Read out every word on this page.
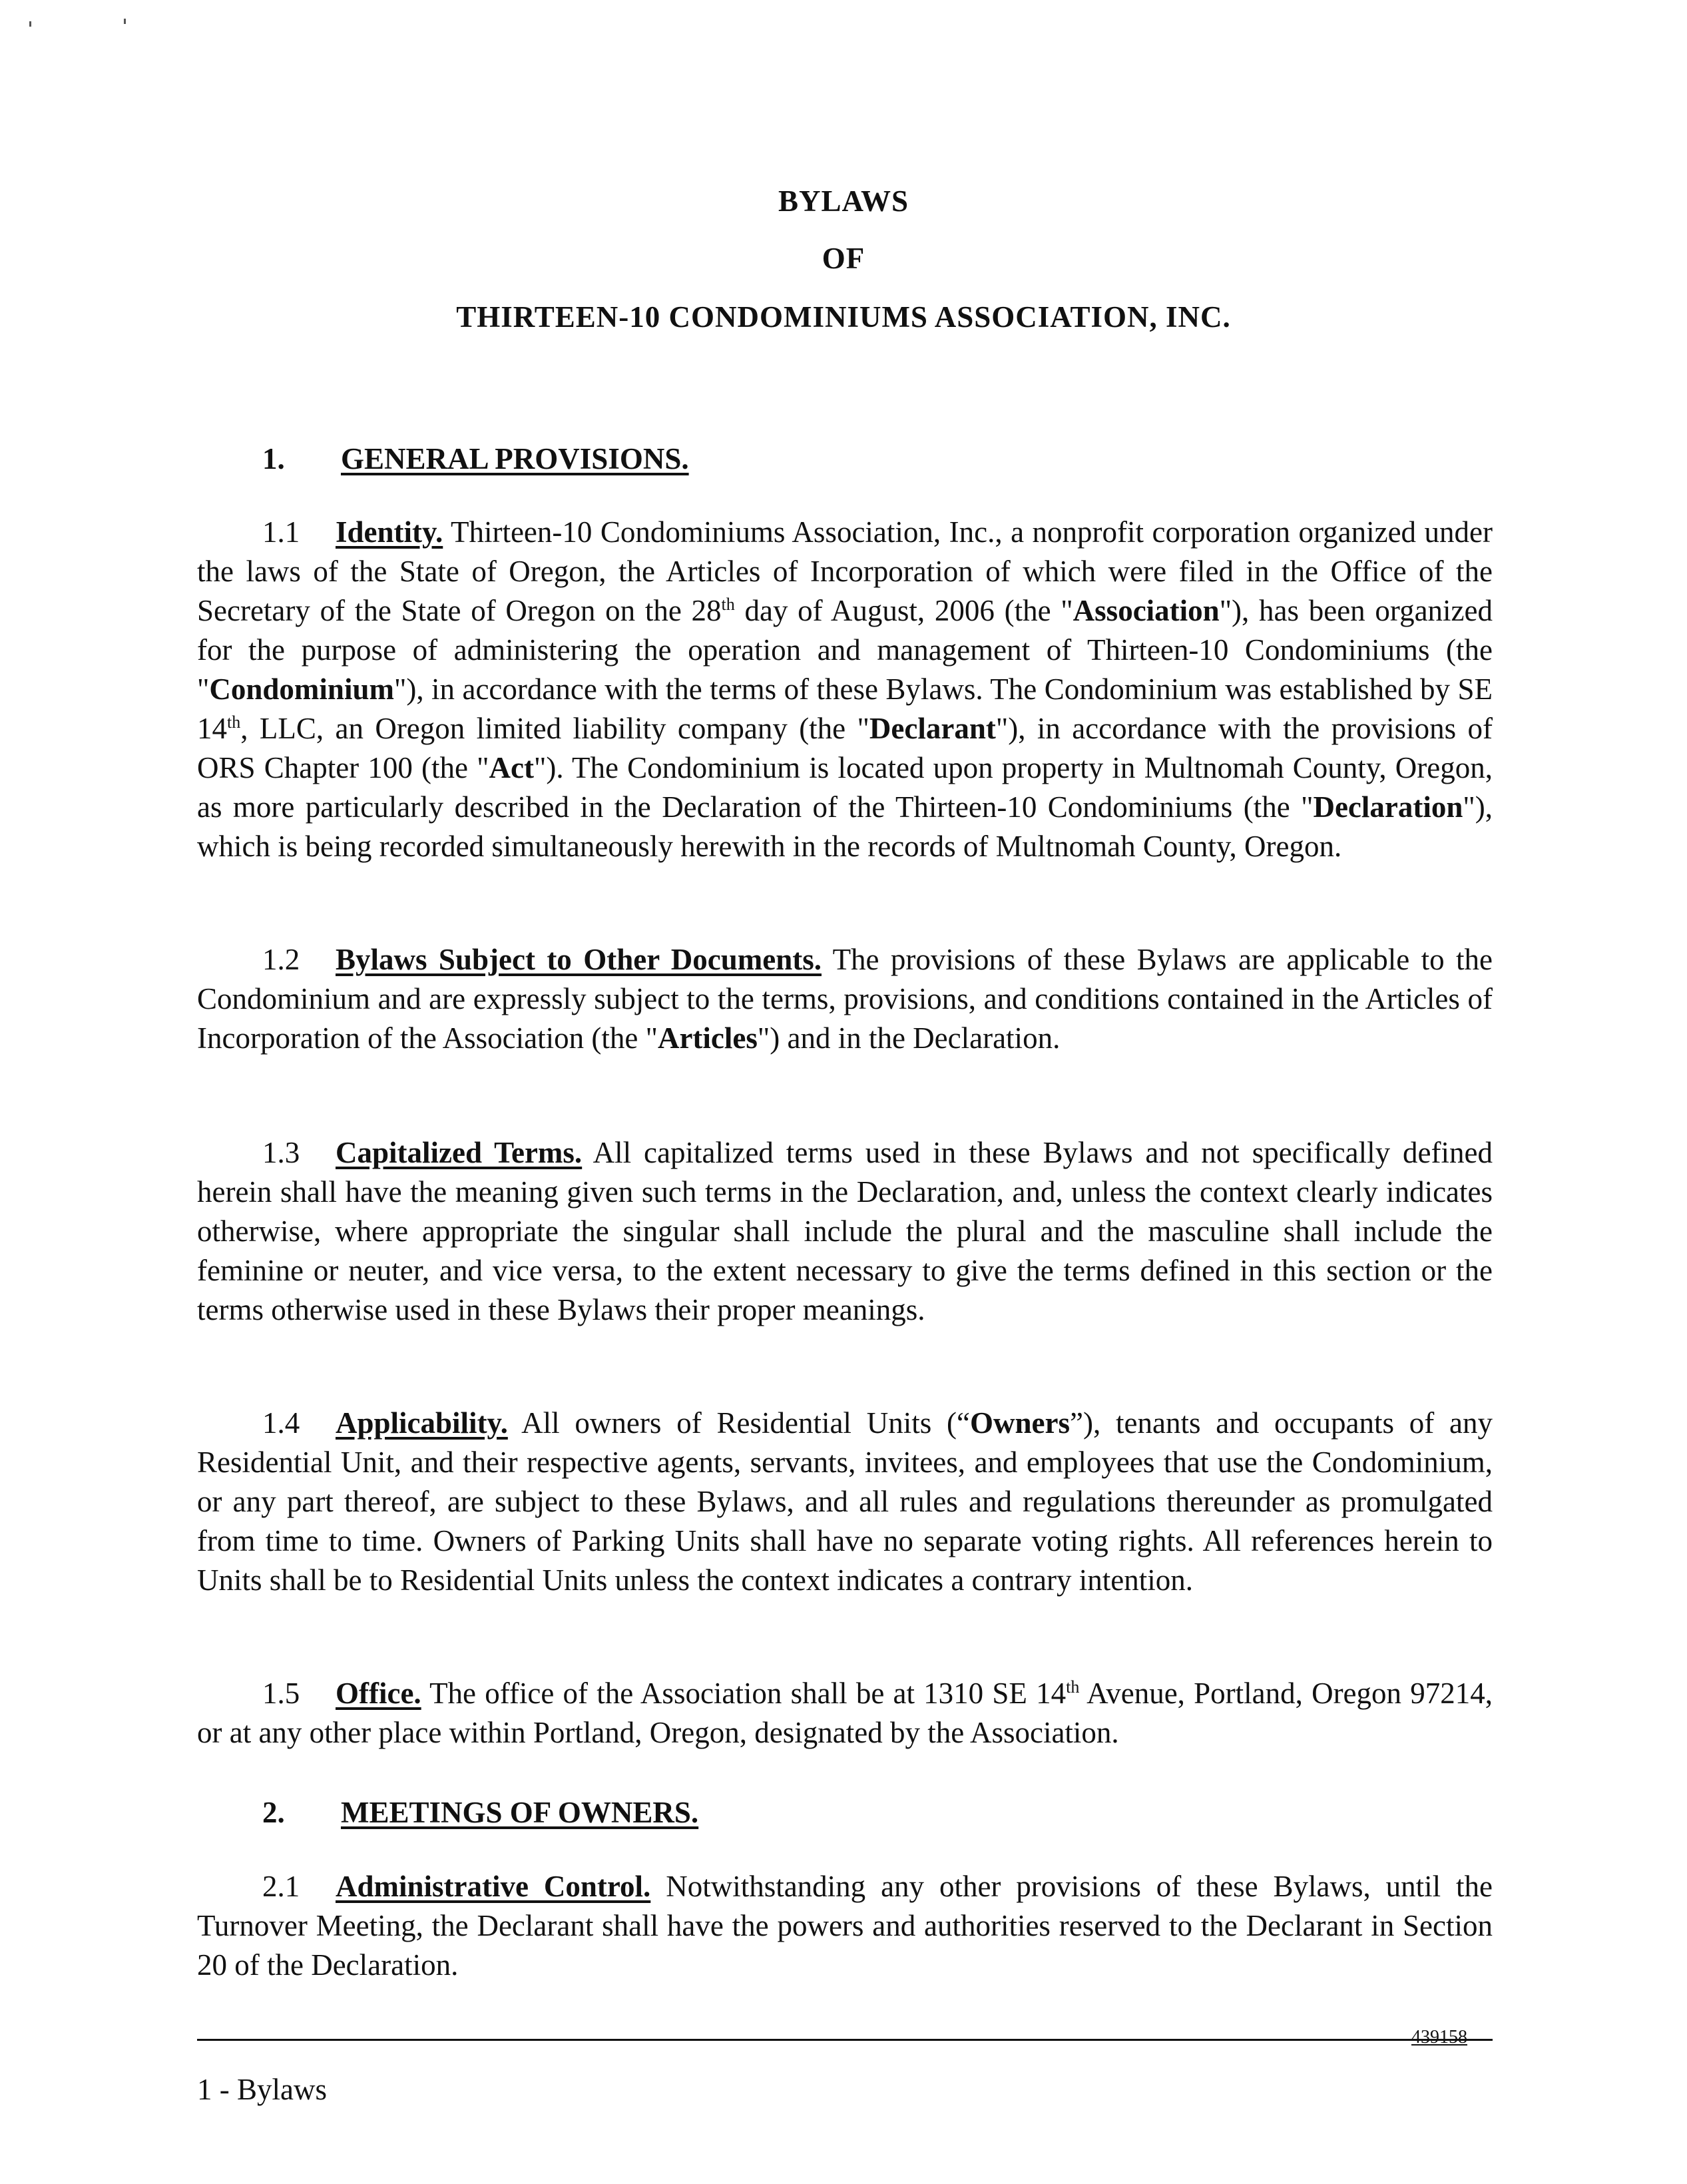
BYLAWS
OF
THIRTEEN-10 CONDOMINIUMS ASSOCIATION, INC.
1. GENERAL PROVISIONS.

1.1 Identity. Thirteen-10 Condominiums Association, Inc., a nonprofit corporation organized under the laws of the State of Oregon, the Articles of Incorporation of which were filed in the Office of the Secretary of the State of Oregon on the 28th day of August, 2006 (the "Association"), has been organized for the purpose of administering the operation and management of Thirteen-10 Condominiums (the "Condominium"), in accordance with the terms of these Bylaws. The Condominium was established by SE 14th, LLC, an Oregon limited liability company (the "Declarant"), in accordance with the provisions of ORS Chapter 100 (the "Act"). The Condominium is located upon property in Multnomah County, Oregon, as more particularly described in the Declaration of the Thirteen-10 Condominiums (the "Declaration"), which is being recorded simultaneously herewith in the records of Multnomah County, Oregon.

1.2 Bylaws Subject to Other Documents. The provisions of these Bylaws are applicable to the Condominium and are expressly subject to the terms, provisions, and conditions contained in the Articles of Incorporation of the Association (the "Articles") and in the Declaration.

1.3 Capitalized Terms. All capitalized terms used in these Bylaws and not specifically defined herein shall have the meaning given such terms in the Declaration, and, unless the context clearly indicates otherwise, where appropriate the singular shall include the plural and the masculine shall include the feminine or neuter, and vice versa, to the extent necessary to give the terms defined in this section or the terms otherwise used in these Bylaws their proper meanings.

1.4 Applicability. All owners of Residential Units (“Owners”), tenants and occupants of any Residential Unit, and their respective agents, servants, invitees, and employees that use the Condominium, or any part thereof, are subject to these Bylaws, and all rules and regulations thereunder as promulgated from time to time. Owners of Parking Units shall have no separate voting rights. All references herein to Units shall be to Residential Units unless the context indicates a contrary intention.

1.5 Office. The office of the Association shall be at 1310 SE 14th Avenue, Portland, Oregon 97214, or at any other place within Portland, Oregon, designated by the Association.

2. MEETINGS OF OWNERS.

2.1 Administrative Control. Notwithstanding any other provisions of these Bylaws, until the Turnover Meeting, the Declarant shall have the powers and authorities reserved to the Declarant in Section 20 of the Declaration.

439158
1 - Bylaws
